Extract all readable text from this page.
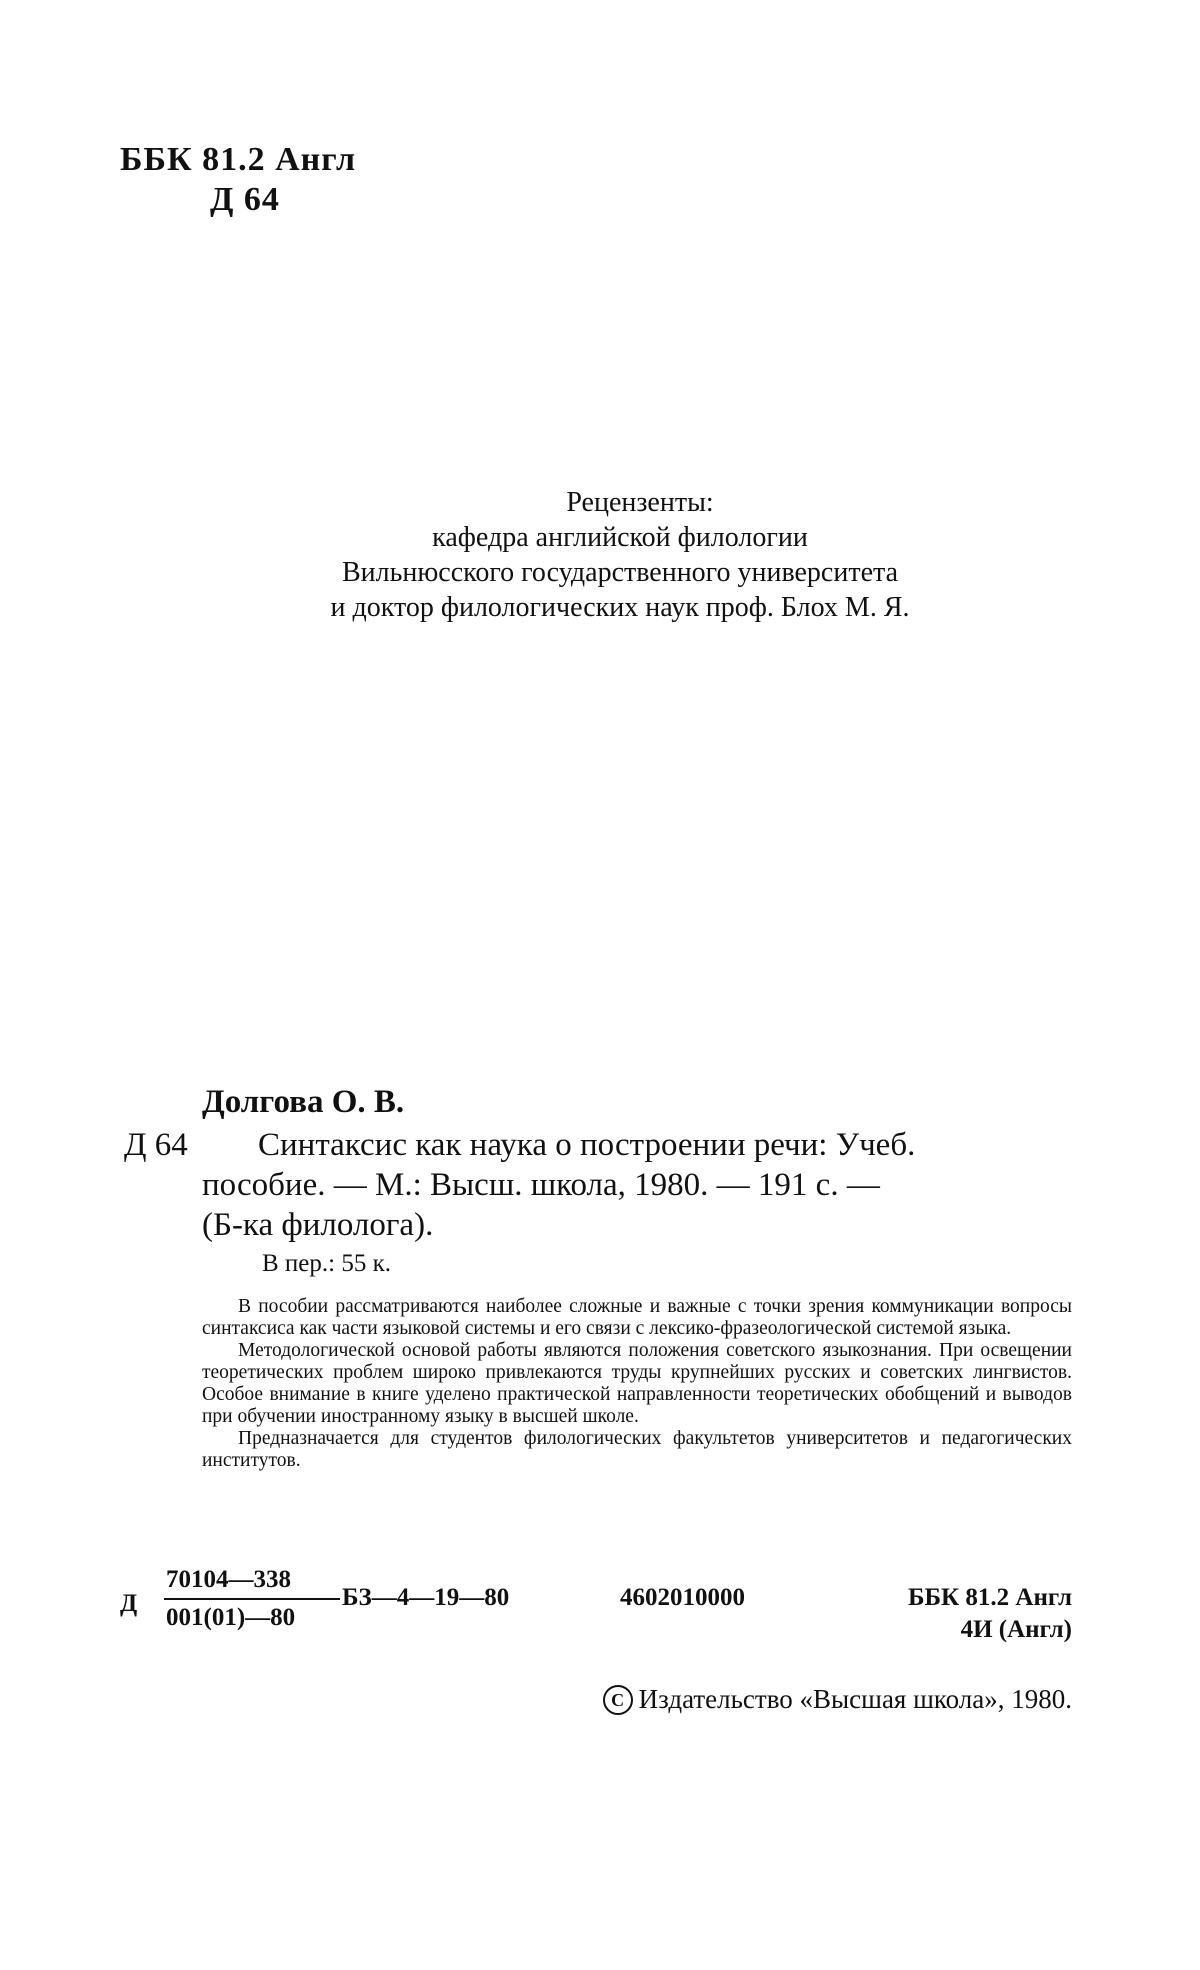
ББК 81.2 Англ
Д 64
Рецензенты:
кафедра английской филологии
Вильнюсского государственного университета
и доктор филологических наук проф. Блох М. Я.
Долгова О. В.
Д 64 Синтаксис как наука о построении речи: Учеб.
пособие. — М.: Высш. школа, 1980. — 191 с. —
(Б-ка филолога).
В пер.: 55 к.

В пособии рассматриваются наиболее сложные и важные с точки зрения коммуникации вопросы синтаксиса как части языковой системы и его связи с лексико-фразеологической системой языка.

Методологической основой работы являются положения советского языкознания. При освещении теоретических проблем широко привлекаются труды крупнейших русских и советских лингвистов. Особое внимание в книге уделено практической направленности теоретических обобщений и выводов при обучении иностранному языку в высшей школе.

Предназначается для студентов филологических факультетов университетов и педагогических институтов.

Д
70104—338
001(01)—80
БЗ—4—19—80	4602010000	ББК 81.2 Англ
4И (Англ)
C Издательство «Высшая школа», 1980.
